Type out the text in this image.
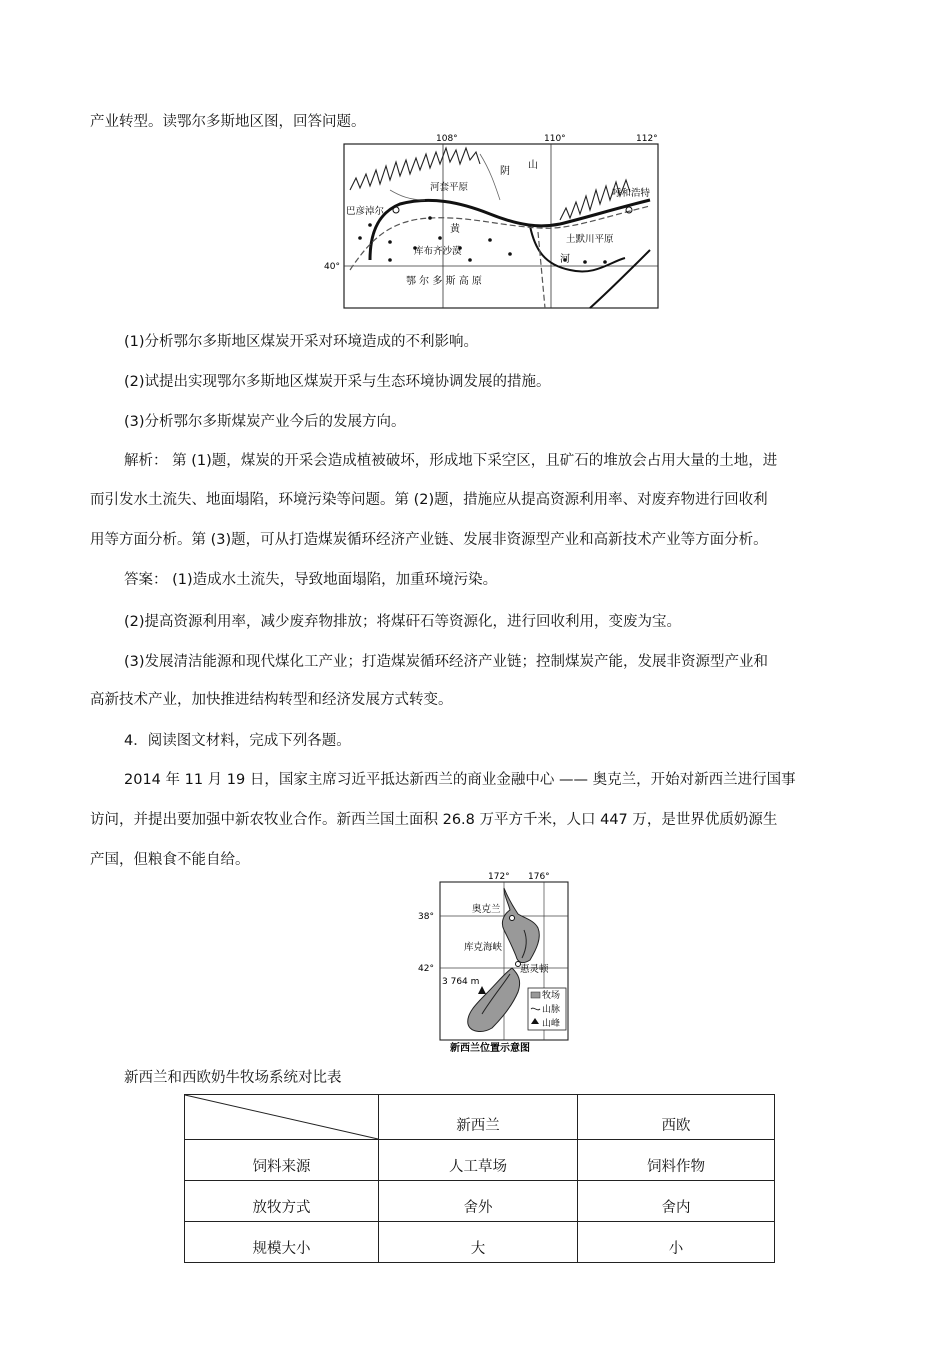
产业转型。读鄂尔多斯地区图，回答问题。
108°	110°	112°
40°
阴
山
河套平原
巴彦淖尔
呼和浩特
黄
库布齐沙漠
土默川平原
河
鄂 尔 多 斯 高 原
(1)分析鄂尔多斯地区煤炭开采对环境造成的不利影响。
(2)试提出实现鄂尔多斯地区煤炭开采与生态环境协调发展的措施。
(3)分析鄂尔多斯煤炭产业今后的发展方向。
解析： 第 (1)题，煤炭的开采会造成植被破坏，形成地下采空区，且矿石的堆放会占用大量的土地，进
而引发水土流失、地面塌陷，环境污染等问题。第 (2)题，措施应从提高资源利用率、对废弃物进行回收利
用等方面分析。第 (3)题，可从打造煤炭循环经济产业链、发展非资源型产业和高新技术产业等方面分析。
答案： (1)造成水土流失，导致地面塌陷，加重环境污染。
(2)提高资源利用率，减少废弃物排放；将煤矸石等资源化，进行回收利用，变废为宝。
(3)发展清洁能源和现代煤化工产业；打造煤炭循环经济产业链；控制煤炭产能，发展非资源型产业和
高新技术产业，加快推进结构转型和经济发展方式转变。
4．阅读图文材料，完成下列各题。
2014 年 11 月 19 日，国家主席习近平抵达新西兰的商业金融中心 —— 奥克兰，开始对新西兰进行国事
访问，并提出要加强中新农牧业合作。新西兰国土面积 26.8 万平方千米，人口 447 万，是世界优质奶源生
产国，但粮食不能自给。
牧场
山脉
山峰
172° 176°
38°
42°
奥克兰
库克海峡
惠灵顿
3 764 m
新西兰位置示意图
新西兰和西欧奶牛牧场系统对比表
	新西兰	西欧
饲料来源	人工草场	饲料作物
放牧方式	舍外	舍内
规模大小	大	小
